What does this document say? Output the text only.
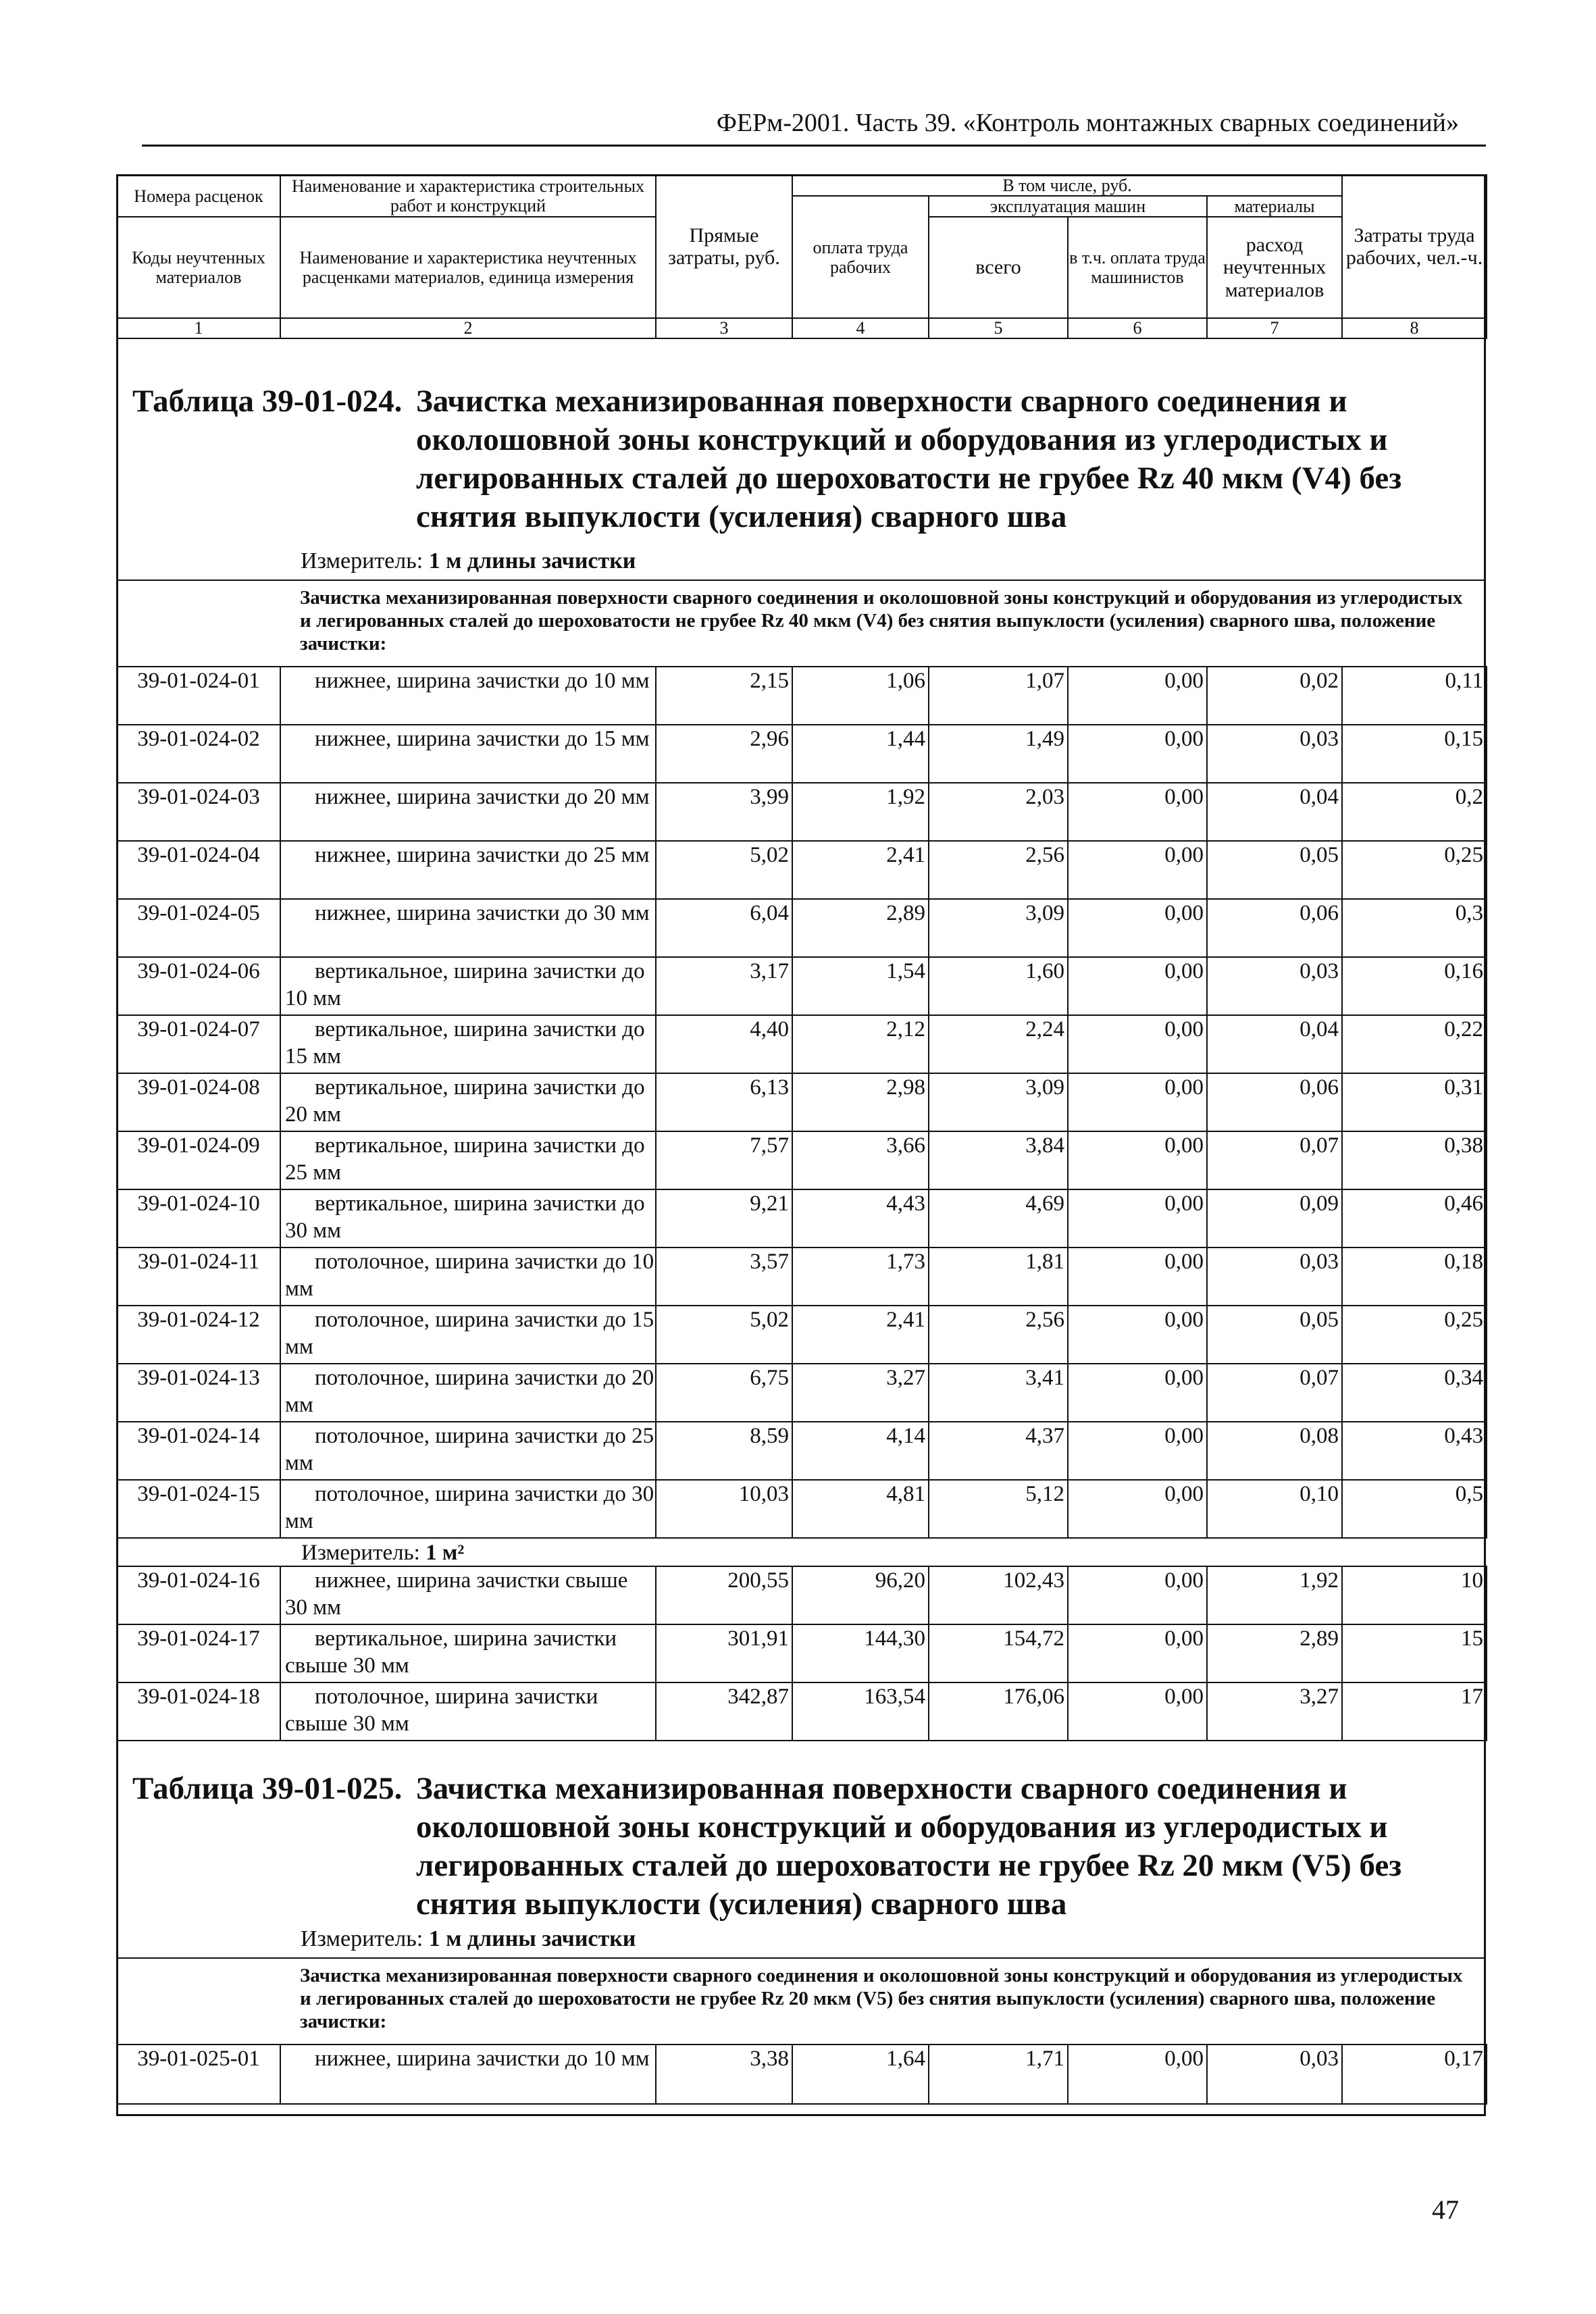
ФЕРм-2001. Часть 39. «Контроль монтажных сварных соединений»
Номера расценок	Наименование и характеристика строительных работ и конструкций	Прямые затраты, руб.	В том числе, руб.				Затраты труда рабочих, чел.-ч.
			оплата труда рабочих	эксплуатация машин		материалы	
Коды неучтенных материалов	Наименование и характеристика неучтенных расценками материалов, единица измерения			всего	в т.ч. оплата труда машинистов	расход неучтенных материалов	

1	2	3	4	5	6	7	8
Таблица 39-01-024. Зачистка механизированная поверхности сварного соединения и околошовной зоны конструкций и оборудования из углеродистых и легированных сталей до шероховатости не грубее Rz 40 мкм (V4) без снятия выпуклости (усиления) сварного шва
Измеритель: 1 м длины зачистки
Зачистка механизированная поверхности сварного соединения и околошовной зоны конструкций и оборудования из углеродистых и легированных сталей до шероховатости не грубее Rz 40 мкм (V4) без снятия выпуклости (усиления) сварного шва, положение зачистки:
39-01-024-01	нижнее, ширина зачистки до 10 мм	2,15	1,06	1,07	0,00	0,02	0,11
39-01-024-02	нижнее, ширина зачистки до 15 мм	2,96	1,44	1,49	0,00	0,03	0,15
39-01-024-03	нижнее, ширина зачистки до 20 мм	3,99	1,92	2,03	0,00	0,04	0,2
39-01-024-04	нижнее, ширина зачистки до 25 мм	5,02	2,41	2,56	0,00	0,05	0,25
39-01-024-05	нижнее, ширина зачистки до 30 мм	6,04	2,89	3,09	0,00	0,06	0,3
39-01-024-06	вертикальное, ширина зачистки до 10 мм	3,17	1,54	1,60	0,00	0,03	0,16
39-01-024-07	вертикальное, ширина зачистки до 15 мм	4,40	2,12	2,24	0,00	0,04	0,22
39-01-024-08	вертикальное, ширина зачистки до 20 мм	6,13	2,98	3,09	0,00	0,06	0,31
39-01-024-09	вертикальное, ширина зачистки до 25 мм	7,57	3,66	3,84	0,00	0,07	0,38
39-01-024-10	вертикальное, ширина зачистки до 30 мм	9,21	4,43	4,69	0,00	0,09	0,46
39-01-024-11	потолочное, ширина зачистки до 10 мм	3,57	1,73	1,81	0,00	0,03	0,18
39-01-024-12	потолочное, ширина зачистки до 15 мм	5,02	2,41	2,56	0,00	0,05	0,25
39-01-024-13	потолочное, ширина зачистки до 20 мм	6,75	3,27	3,41	0,00	0,07	0,34
39-01-024-14	потолочное, ширина зачистки до 25 мм	8,59	4,14	4,37	0,00	0,08	0,43
39-01-024-15	потолочное, ширина зачистки до 30 мм	10,03	4,81	5,12	0,00	0,10	0,5
Измеритель: 1 м²
39-01-024-16	нижнее, ширина зачистки свыше 30 мм	200,55	96,20	102,43	0,00	1,92	10
39-01-024-17	вертикальное, ширина зачистки свыше 30 мм	301,91	144,30	154,72	0,00	2,89	15
39-01-024-18	потолочное, ширина зачистки свыше 30 мм	342,87	163,54	176,06	0,00	3,27	17
Таблица 39-01-025. Зачистка механизированная поверхности сварного соединения и околошовной зоны конструкций и оборудования из углеродистых и легированных сталей до шероховатости не грубее Rz 20 мкм (V5) без снятия выпуклости (усиления) сварного шва
Измеритель: 1 м длины зачистки
Зачистка механизированная поверхности сварного соединения и околошовной зоны конструкций и оборудования из углеродистых и легированных сталей до шероховатости не грубее Rz 20 мкм (V5) без снятия выпуклости (усиления) сварного шва, положение зачистки:
39-01-025-01	нижнее, ширина зачистки до 10 мм	3,38	1,64	1,71	0,00	0,03	0,17
47
